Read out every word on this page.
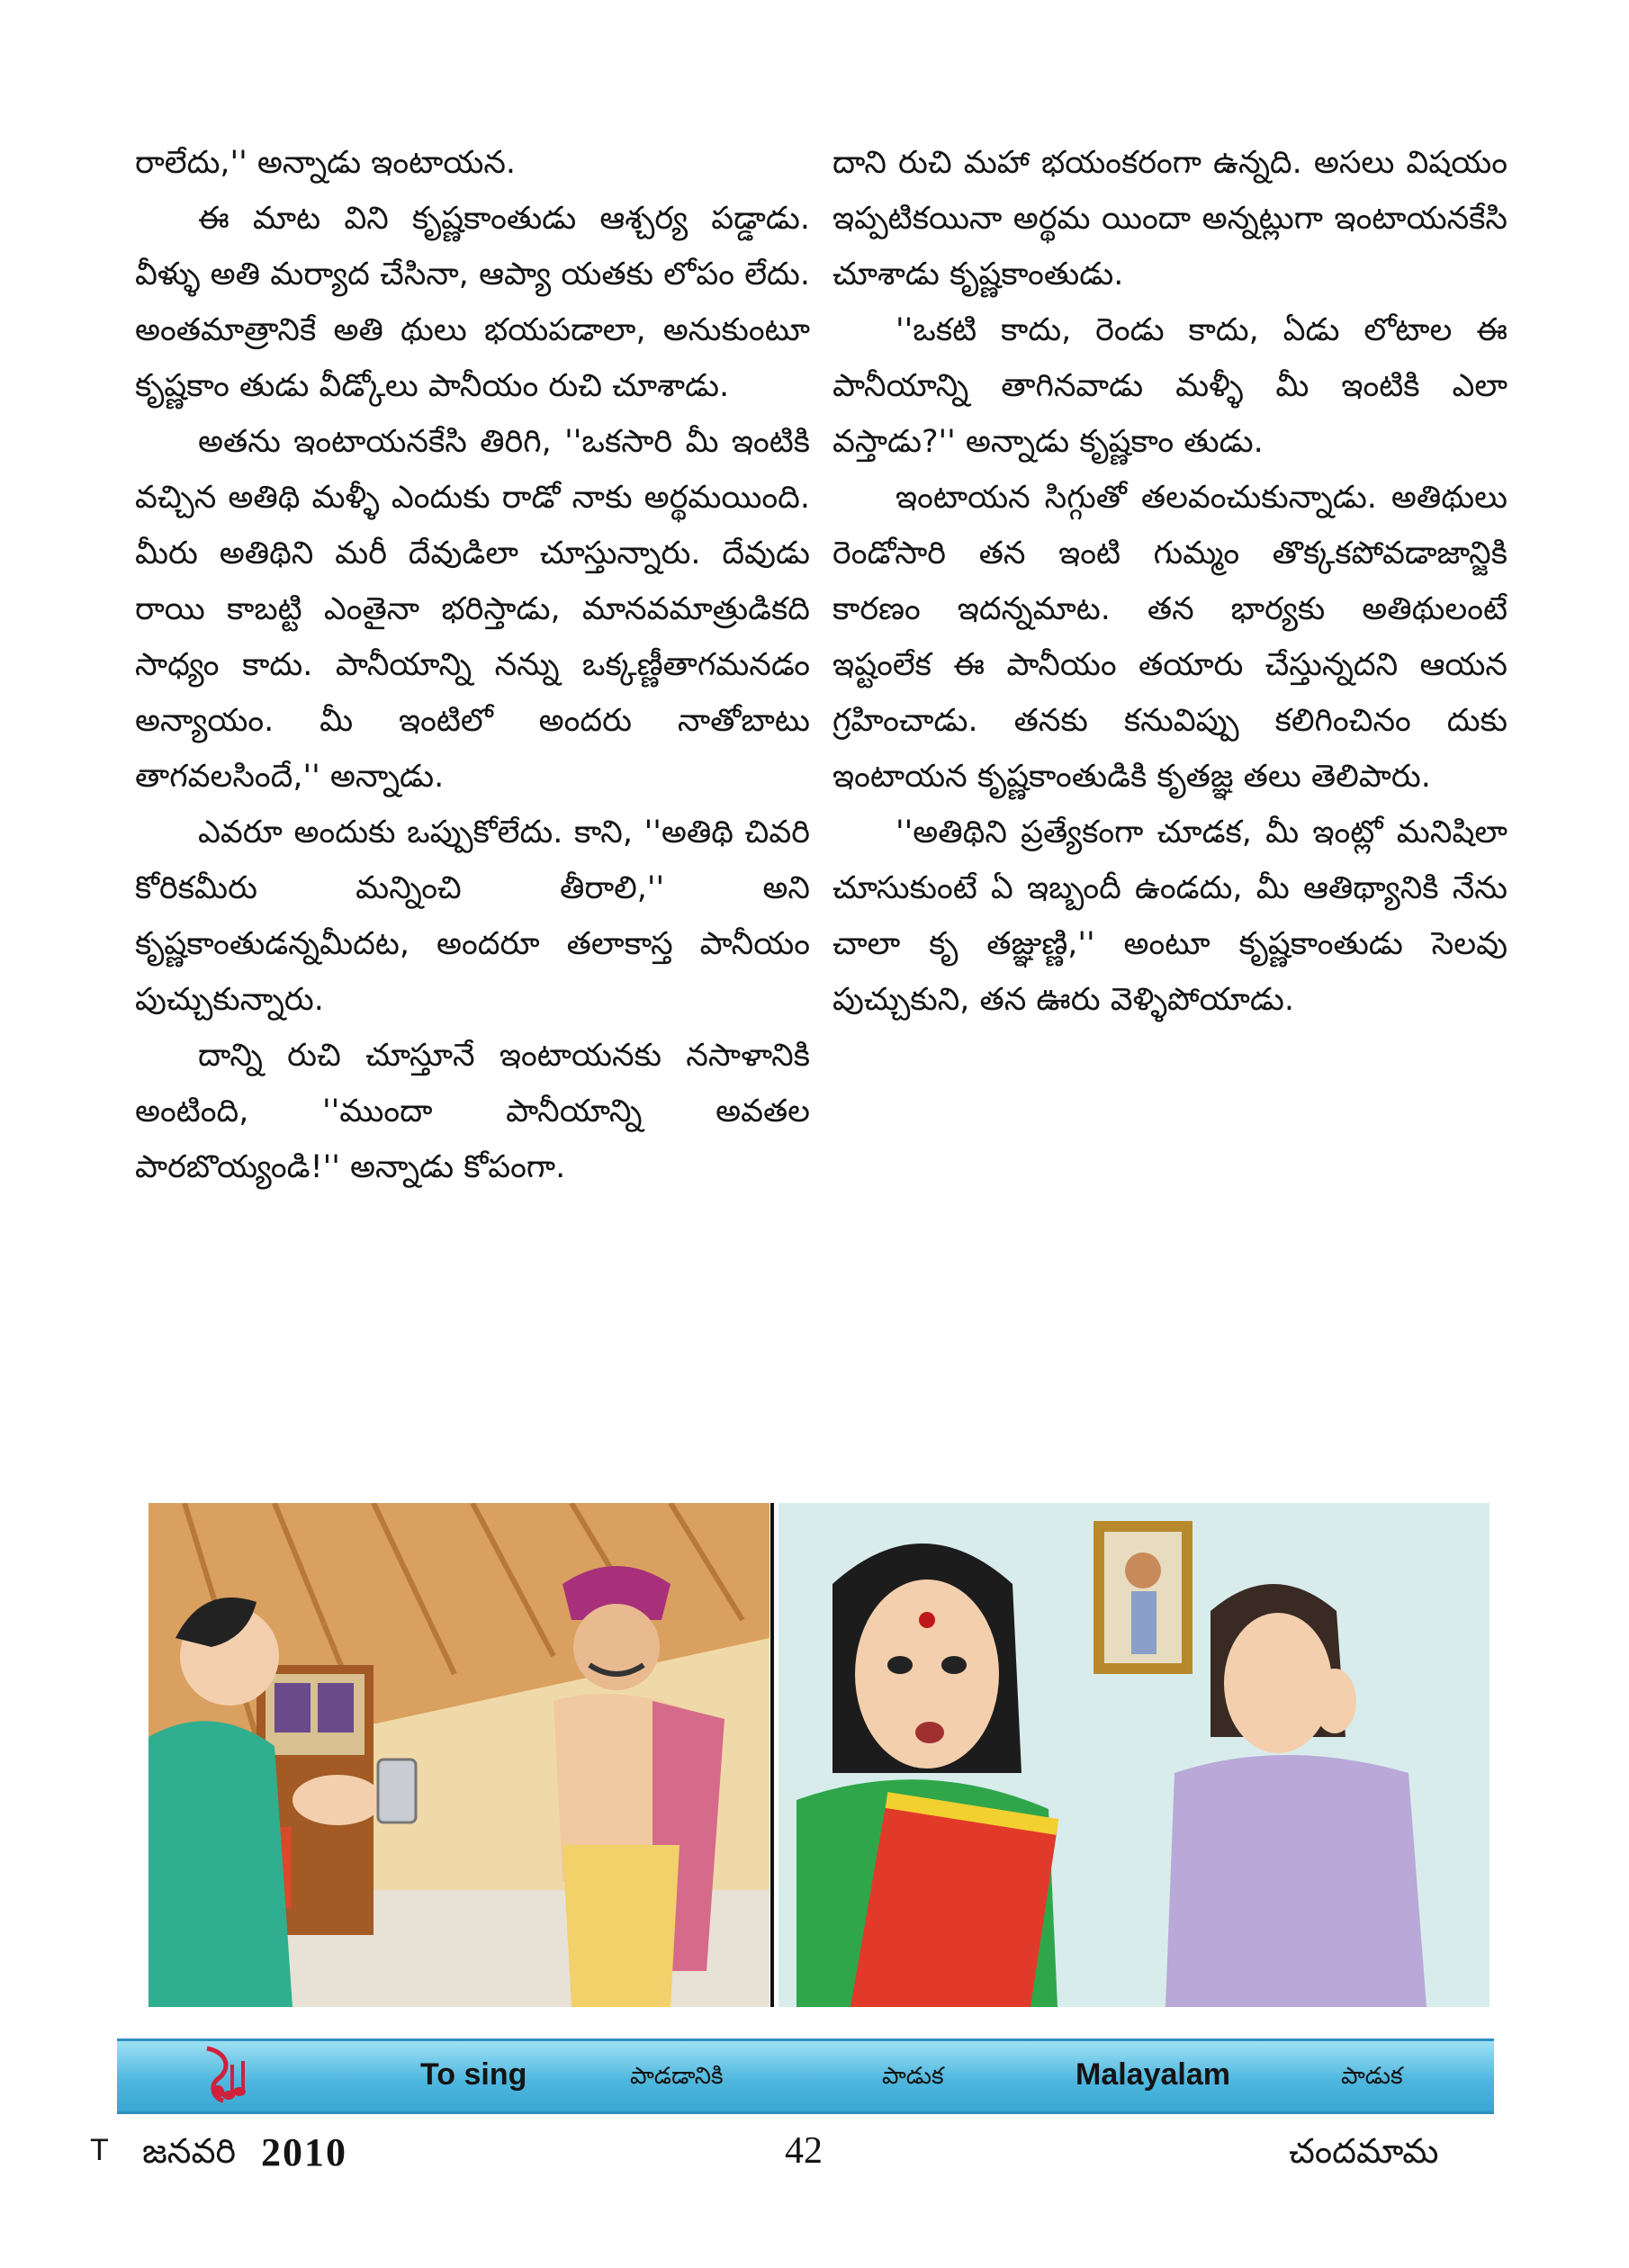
రాలేదు,'' అన్నాడు ఇంటాయన.

ఈ మాట విని కృష్ణకాంతుడు ఆశ్చర్య పడ్డాడు. వీళ్ళు అతి మర్యాద చేసినా, ఆప్యా యతకు లోపం లేదు. అంతమాత్రానికే అతి థులు భయపడాలా, అనుకుంటూ కృష్ణకాం తుడు వీడ్కోలు పానీయం రుచి చూశాడు.

అతను ఇంటాయనకేసి తిరిగి, ''ఒకసారి మీ ఇంటికి వచ్చిన అతిథి మళ్ళీ ఎందుకు రాడో నాకు అర్థమయింది. మీరు అతిథిని మరీ దేవుడిలా చూస్తున్నారు. దేవుడు రాయి కాబట్టి ఎంతైనా భరిస్తాడు, మానవమాత్రుడికది సాధ్యం కాదు. పానీయాన్ని నన్ను ఒక్కణ్ణీతాగమనడం అన్యాయం. మీ ఇంటిలో అందరు నాతోబాటు తాగవలసిందే,'' అన్నాడు.

ఎవరూ అందుకు ఒప్పుకోలేదు. కాని, ''అతిథి చివరి కోరికమీరు మన్నించి తీరాలి,'' అని కృష్ణకాంతుడన్నమీదట, అందరూ తలాకాస్త పానీయం పుచ్చుకున్నారు.

దాన్ని రుచి చూస్తూనే ఇంటాయనకు నసాళానికి అంటింది, ''ముందా పానీయాన్ని అవతల పారబొయ్యండి!'' అన్నాడు కోపంగా.

దాని రుచి మహా భయంకరంగా ఉన్నది. అసలు విషయం ఇప్పటికయినా అర్థమ యిందా అన్నట్లుగా ఇంటాయనకేసి చూశాడు కృష్ణకాంతుడు.

''ఒకటి కాదు, రెండు కాదు, ఏడు లోటాల ఈ పానీయాన్ని తాగినవాడు మళ్ళీ మీ ఇంటికి ఎలా వస్తాడు?'' అన్నాడు కృష్ణకాం తుడు.

ఇంటాయన సిగ్గుతో తలవంచుకున్నాడు. అతిథులు రెండోసారి తన ఇంటి గుమ్మం తొక్కకపోవడాజాన్జికి కారణం ఇదన్నమాట. తన భార్యకు అతిథులంటే ఇష్టంలేక ఈ పానీయం తయారు చేస్తున్నదని ఆయన గ్రహించాడు. తనకు కనువిప్పు కలిగించినం దుకు ఇంటాయన కృష్ణకాంతుడికి కృతజ్ఞ తలు తెలిపారు.

''అతిథిని ప్రత్యేకంగా చూడక, మీ ఇంట్లో మనిషిలా చూసుకుంటే ఏ ఇబ్బందీ ఉండదు, మీ ఆతిథ్యానికి నేను చాలా కృ తజ్ఞుణ్ణి,'' అంటూ కృష్ణకాంతుడు సెలవు పుచ్చుకుని, తన ఊరు వెళ్ళిపోయాడు.

To sing	పాడడానికి	పాడుక	Malayalam	పాడుక
T జనవరి 2010	42	చందమామ
